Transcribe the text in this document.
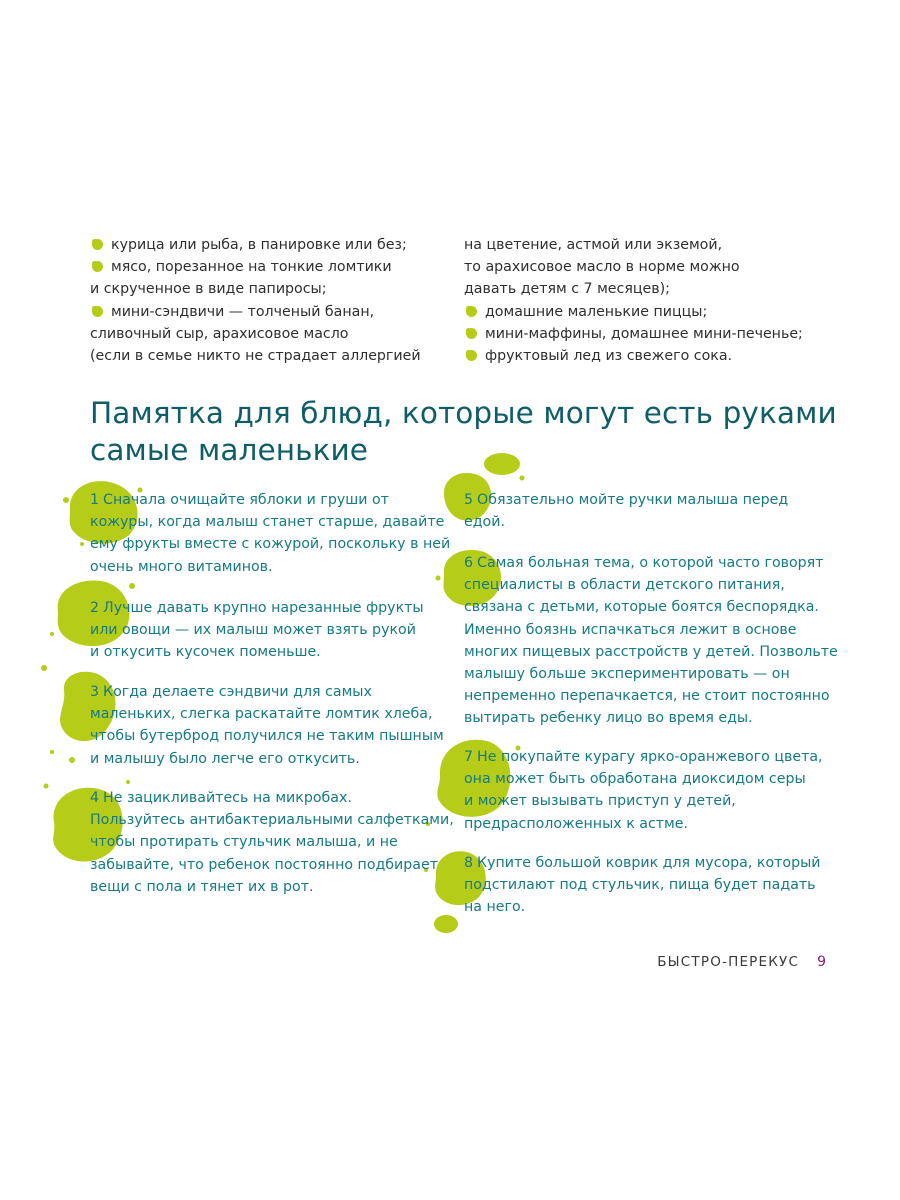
курица или рыба, в панировке или без;
мясо, порезанное на тонкие ломтики
и скрученное в виде папиросы;
мини-сэндвичи — толченый банан,
сливочный сыр, арахисовое масло
(если в семье никто не страдает аллергией
на цветение, астмой или экземой,
то арахисовое масло в норме можно
давать детям с 7 месяцев);
домашние маленькие пиццы;
мини-маффины, домашнее мини-печенье;
фруктовый лед из свежего сока.
Памятка для блюд, которые могут есть руками
самые маленькие
1 Сначала очищайте яблоки и груши от
кожуры, когда малыш станет старше, давайте
ему фрукты вместе с кожурой, поскольку в ней
очень много витаминов.
2 Лучше давать крупно нарезанные фрукты
или овощи — их малыш может взять рукой
и откусить кусочек поменьше.
3 Когда делаете сэндвичи для самых
маленьких, слегка раскатайте ломтик хлеба,
чтобы бутерброд получился не таким пышным
и малышу было легче его откусить.
4 Не зацикливайтесь на микробах.
Пользуйтесь антибактериальными салфетками,
чтобы протирать стульчик малыша, и не
забывайте, что ребенок постоянно подбирает
вещи с пола и тянет их в рот.
5 Обязательно мойте ручки малыша перед
едой.
6 Самая больная тема, о которой часто говорят
специалисты в области детского питания,
связана с детьми, которые боятся беспорядка.
Именно боязнь испачкаться лежит в основе
многих пищевых расстройств у детей. Позвольте
малышу больше экспериментировать — он
непременно перепачкается, не стоит постоянно
вытирать ребенку лицо во время еды.
7 Не покупайте курагу ярко-оранжевого цвета,
она может быть обработана диоксидом серы
и может вызывать приступ у детей,
предрасположенных к астме.
8 Купите большой коврик для мусора, который
подстилают под стульчик, пища будет падать
на него.
БЫСТРО-ПЕРЕКУС 9
